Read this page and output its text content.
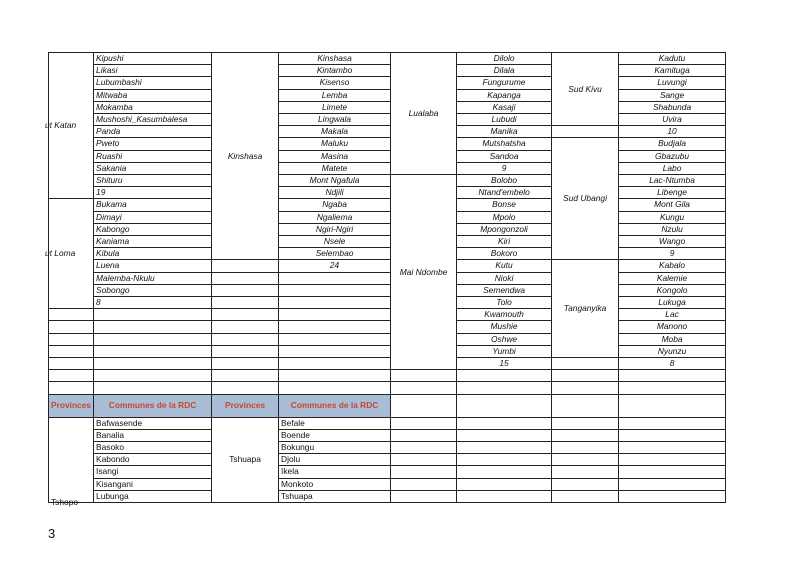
ut Katan	Kipushi	Kinshasa	Kinshasa	Lualaba	Dilolo	Sud Kivu	Kadutu
	Likasi		Kintambo		Dilala		Kamituga
	Lubumbashi		Kisenso		Fungurume		Luvungi
	Mitwaba		Lemba		Kapanga		Sange
	Mokamba		Limete		Kasaji		Shabunda
	Mushoshi_Kasumbalesa		Lingwala		Lubudi		Uvira
	Panda		Makala		Manika		10
	Pweto		Maluku		Mutshatsha	Sud Ubangi	Budjala
	Ruashi		Masina		Sandoa		Gbazubu
	Sakania		Matete		9		Labo
	Shituru		Mont Ngafula	Mai Ndombe	Bolobo		Lac-Ntumba
	19		Ndjili		Ntand'embelo		Libenge
ut Loma	Bukama		Ngaba		Bonse		Mont Gila
	Dimayi		Ngaliema		Mpolo		Kungu
	Kabongo		Ngiri-Ngiri		Mpongonzoli		Nzulu
	Kaniama		Nsele		Kiri		Wango
	Kibula		Selembao		Bokoro		9
	Luena		24		Kutu	Tanganyika	Kabalo
	Malemba-Nkulu				Nioki		Kalemie
	Sobongo				Semendwa		Kongolo
	8				Tolo		Lukuga
					Kwamouth		Lac
					Mushie		Manono
					Oshwe		Moba
					Yumbi		Nyunzu
					15		8

Provinces	Communes de la RDC	Provinces	Communes de la RDC				

Tshopo	Bafwasende	Tshuapa	Befale				
	Banalia		Boende				
	Basoko		Bokungu				
	Kabondo		Djolu				
	Isangi		Ikela				
	Kisangani		Monkoto				
	Lubunga		Tshuapa				
3
